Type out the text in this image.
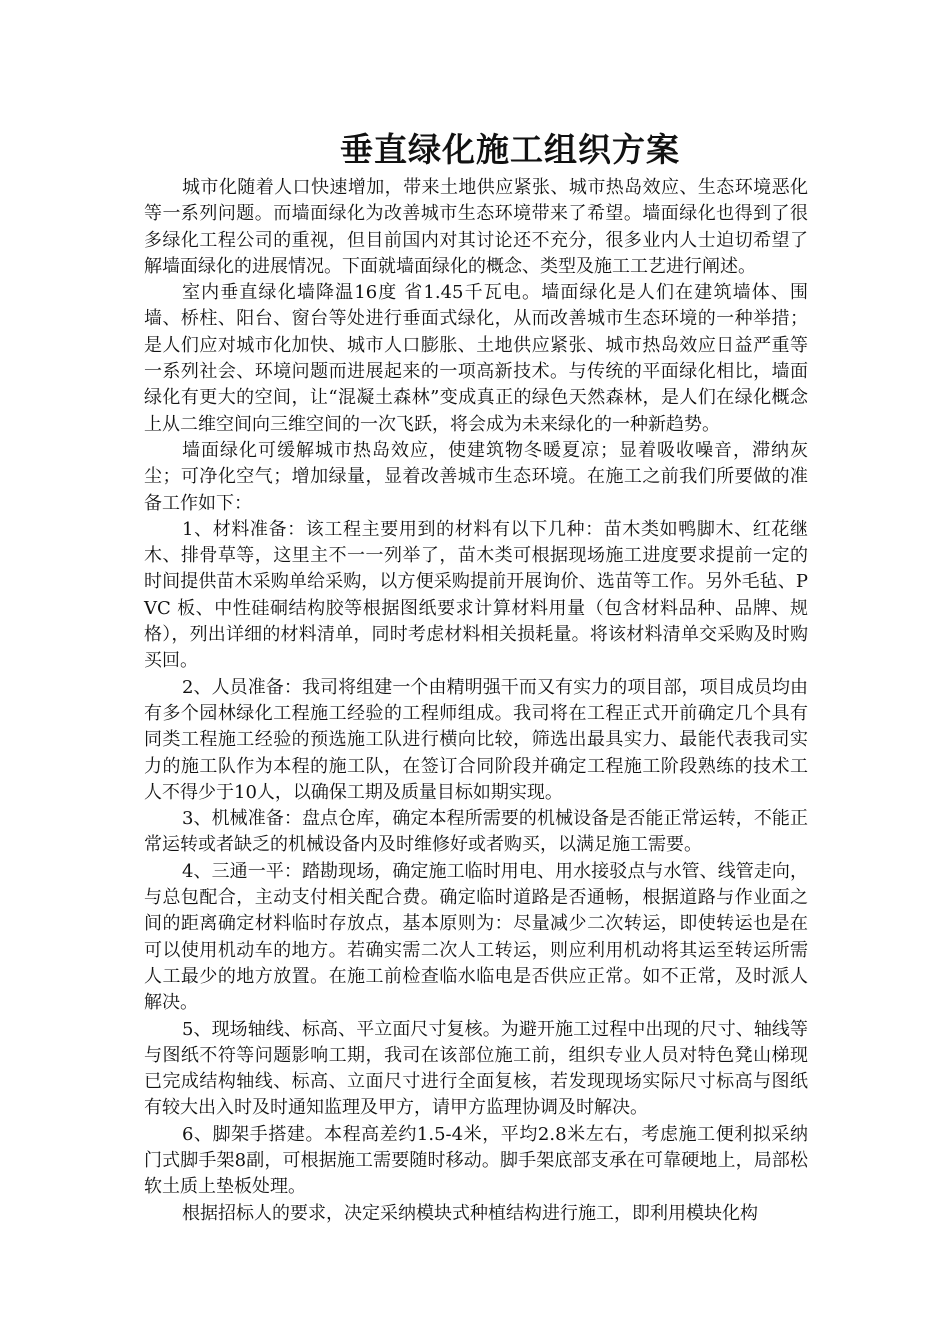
垂直绿化施工组织方案

城市化随着人口快速增加，带来土地供应紧张、城市热岛效应、生态环境恶化等一系列问题。而墙面绿化为改善城市生态环境带来了希望。墙面绿化也得到了很多绿化工程公司的重视，但目前国内对其讨论还不充分，很多业内人士迫切希望了解墙面绿化的进展情况。下面就墙面绿化的概念、类型及施工工艺进行阐述。

室内垂直绿化墙降温16度 省1.45千瓦电。墙面绿化是人们在建筑墙体、围墙、桥柱、阳台、窗台等处进行垂面式绿化，从而改善城市生态环境的一种举措；是人们应对城市化加快、城市人口膨胀、土地供应紧张、城市热岛效应日益严重等一系列社会、环境问题而进展起来的一项高新技术。与传统的平面绿化相比，墙面绿化有更大的空间，让“混凝土森林”变成真正的绿色天然森林，是人们在绿化概念上从二维空间向三维空间的一次飞跃，将会成为未来绿化的一种新趋势。

墙面绿化可缓解城市热岛效应，使建筑物冬暖夏凉；显着吸收噪音，滞纳灰尘；可净化空气；增加绿量，显着改善城市生态环境。在施工之前我们所要做的准备工作如下：

1、材料准备：该工程主要用到的材料有以下几种：苗木类如鸭脚木、红花继木、排骨草等，这里主不一一列举了，苗木类可根据现场施工进度要求提前一定的时间提供苗木采购单给采购，以方便采购提前开展询价、选苗等工作。另外毛毡、PVC 板、中性硅硐结构胶等根据图纸要求计算材料用量（包含材料品种、品牌、规格），列出详细的材料清单，同时考虑材料相关损耗量。将该材料清单交采购及时购买回。

2、人员准备：我司将组建一个由精明强干而又有实力的项目部，项目成员均由有多个园林绿化工程施工经验的工程师组成。我司将在工程正式开前确定几个具有同类工程施工经验的预选施工队进行横向比较，筛选出最具实力、最能代表我司实力的施工队作为本程的施工队，在签订合同阶段并确定工程施工阶段熟练的技术工人不得少于10人，以确保工期及质量目标如期实现。

3、机械准备：盘点仓库，确定本程所需要的机械设备是否能正常运转，不能正常运转或者缺乏的机械设备内及时维修好或者购买，以满足施工需要。

4、三通一平：踏勘现场，确定施工临时用电、用水接驳点与水管、线管走向，与总包配合，主动支付相关配合费。确定临时道路是否通畅，根据道路与作业面之间的距离确定材料临时存放点，基本原则为：尽量减少二次转运，即使转运也是在可以使用机动车的地方。若确实需二次人工转运，则应利用机动将其运至转运所需人工最少的地方放置。在施工前检查临水临电是否供应正常。如不正常，及时派人解决。

5、现场轴线、标高、平立面尺寸复核。为避开施工过程中出现的尺寸、轴线等与图纸不符等问题影响工期，我司在该部位施工前，组织专业人员对特色凳山梯现已完成结构轴线、标高、立面尺寸进行全面复核，若发现现场实际尺寸标高与图纸有较大出入时及时通知监理及甲方，请甲方监理协调及时解决。

6、脚架手搭建。本程高差约1.5-4米，平均2.8米左右，考虑施工便利拟采纳门式脚手架8副，可根据施工需要随时移动。脚手架底部支承在可靠硬地上，局部松软土质上垫板处理。

根据招标人的要求，决定采纳模块式种植结构进行施工，即利用模块化构
